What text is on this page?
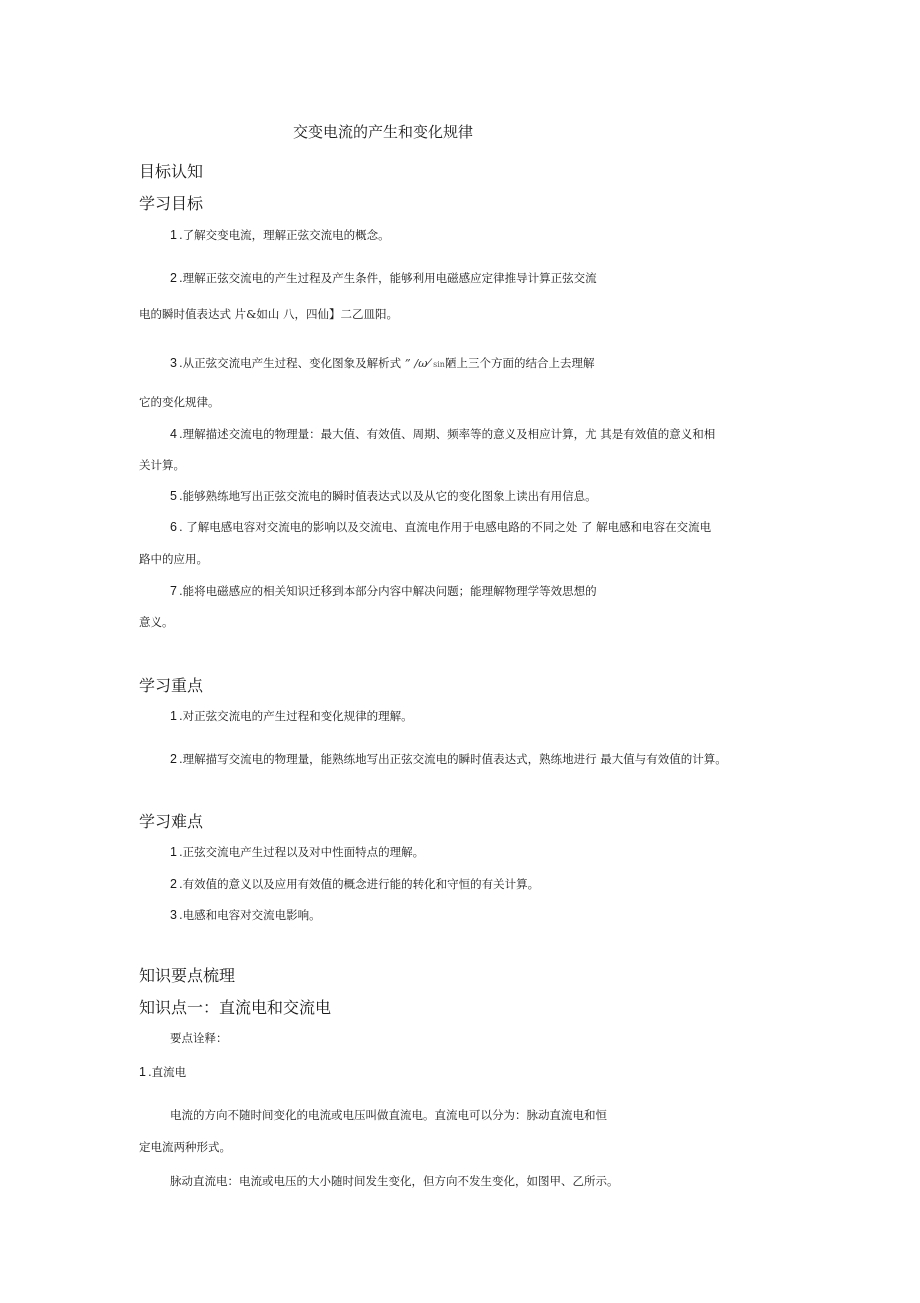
交变电流的产生和变化规律
目标认知
学习目标
1 .了解交变电流，理解正弦交流电的概念。
2 .理解正弦交流电的产生过程及产生条件，能够利用电磁感应定律推导计算正弦交流
电的瞬时值表达式 片&如山 八，四仙】二乙皿阳。
3 .从正弦交流电产生过程、变化图象及解析式 ” /ω⁄ sin陋上三个方面的结合上去理解
它的变化规律。
4 .理解描述交流电的物理量：最大值、有效值、周期、频率等的意义及相应计算，尤 其是有效值的意义和相
关计算。
5 .能够熟练地写出正弦交流电的瞬时值表达式以及从它的变化图象上读出有用信息。
6 . 了解电感电容对交流电的影响以及交流电、直流电作用于电感电路的不同之处 了 解电感和电容在交流电
路中的应用。
7 .能将电磁感应的相关知识迁移到本部分内容中解决问题；能理解物理学等效思想的
意义。
学习重点
1 .对正弦交流电的产生过程和变化规律的理解。
2 .理解描写交流电的物理量，能熟练地写出正弦交流电的瞬时值表达式，熟练地进行 最大值与有效值的计算。
学习难点
1 .正弦交流电产生过程以及对中性面特点的理解。
2 .有效值的意义以及应用有效值的概念进行能的转化和守恒的有关计算。
3 .电感和电容对交流电影响。
知识要点梳理
知识点一：直流电和交流电
要点诠释：
1 .直流电
电流的方向不随时间变化的电流或电压叫做直流电。直流电可以分为：脉动直流电和恒
定电流两种形式。
脉动直流电：电流或电压的大小随时间发生变化，但方向不发生变化，如图甲、乙所示。
